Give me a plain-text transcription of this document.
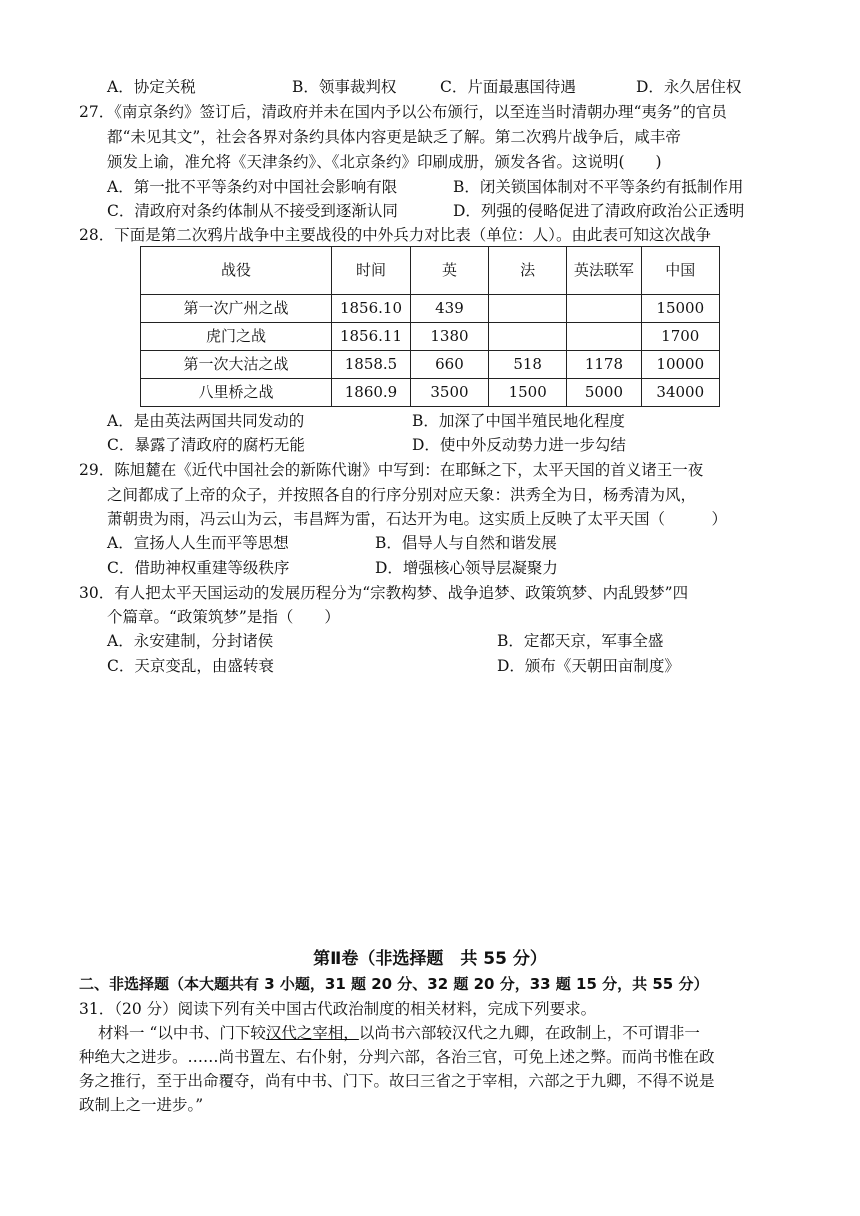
A．协定关税	B．领事裁判权	C．片面最惠国待遇	D．永久居住权
27．《南京条约》签订后，清政府并未在国内予以公布颁行，以至连当时清朝办理“夷务”的官员
都“未见其文”，社会各界对条约具体内容更是缺乏了解。第二次鸦片战争后，咸丰帝
颁发上谕，准允将《天津条约》、《北京条约》印刷成册，颁发各省。这说明(　　)
A．第一批不平等条约对中国社会影响有限	B．闭关锁国体制对不平等条约有抵制作用
C．清政府对条约体制从不接受到逐渐认同	D．列强的侵略促进了清政府政治公正透明
28．下面是第二次鸦片战争中主要战役的中外兵力对比表（单位：人）。由此表可知这次战争
战役	时间	英	法	英法联军	中国
第一次广州之战	1856.10	439			15000
虎门之战	1856.11	1380			1700
第一次大沽之战	1858.5	660	518	1178	10000
八里桥之战	1860.9	3500	1500	5000	34000
A．是由英法两国共同发动的	B．加深了中国半殖民地化程度
C．暴露了清政府的腐朽无能	D．使中外反动势力进一步勾结
29．陈旭麓在《近代中国社会的新陈代谢》中写到：在耶稣之下，太平天国的首义诸王一夜
之间都成了上帝的众子，并按照各自的行序分别对应天象：洪秀全为日，杨秀清为风，
萧朝贵为雨，冯云山为云，韦昌辉为雷，石达开为电。这实质上反映了太平天国（　　　）
A．宣扬人人生而平等思想	B．倡导人与自然和谐发展
C．借助神权重建等级秩序	D．增强核心领导层凝聚力
30．有人把太平天国运动的发展历程分为“宗教构梦、战争追梦、政策筑梦、内乱毁梦”四
个篇章。“政策筑梦”是指（　　）
A．永安建制，分封诸侯	B．定都天京，军事全盛
C．天京变乱，由盛转衰	D．颁布《天朝田亩制度》
第Ⅱ卷（非选择题　共 55 分）
二、非选择题（本大题共有 3 小题，31 题 20 分、32 题 20 分，33 题 15 分，共 55 分）
31．（20 分）阅读下列有关中国古代政治制度的相关材料，完成下列要求。
材料一 “以中书、门下较汉代之宰相，以尚书六部较汉代之九卿，在政制上，不可谓非一
种绝大之进步。……尚书置左、右仆射，分判六部，各治三官，可免上述之弊。而尚书惟在政
务之推行，至于出命覆夺，尚有中书、门下。故曰三省之于宰相，六部之于九卿，不得不说是
政制上之一进步。”
